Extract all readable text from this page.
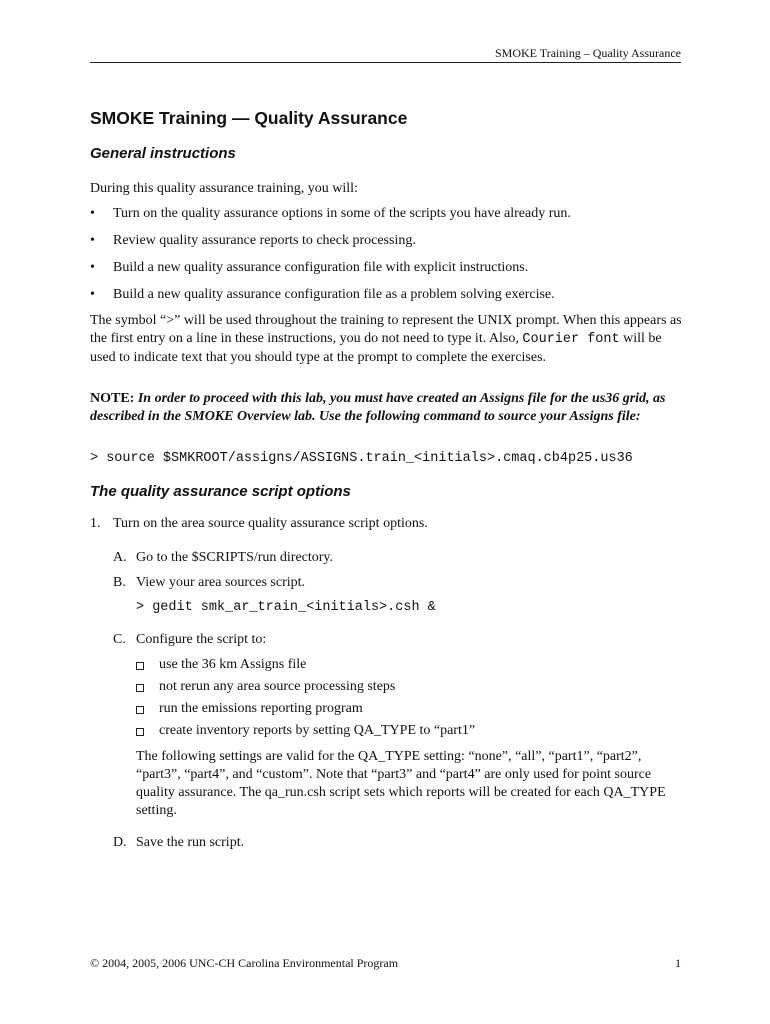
SMOKE Training – Quality Assurance
SMOKE Training — Quality Assurance
General instructions

During this quality assurance training, you will:

• Turn on the quality assurance options in some of the scripts you have already run.
• Review quality assurance reports to check processing.
• Build a new quality assurance configuration file with explicit instructions.
• Build a new quality assurance configuration file as a problem solving exercise.

The symbol “>” will be used throughout the training to represent the UNIX prompt. When this appears as the first entry on a line in these instructions, you do not need to type it. Also, Courier font will be used to indicate text that you should type at the prompt to complete the exercises.

NOTE: In order to proceed with this lab, you must have created an Assigns file for the us36 grid, as described in the SMOKE Overview lab. Use the following command to source your Assigns file:

> source $SMKROOT/assigns/ASSIGNS.train_<initials>.cmaq.cb4p25.us36
The quality assurance script options
1. Turn on the area source quality assurance script options.
A. Go to the $SCRIPTS/run directory.
B. View your area sources script.
> gedit smk_ar_train_<initials>.csh &
C. Configure the script to:
use the 36 km Assigns file
not rerun any area source processing steps
run the emissions reporting program
create inventory reports by setting QA_TYPE to “part1”

The following settings are valid for the QA_TYPE setting: “none”, “all”, “part1”, “part2”, “part3”, “part4”, and “custom”. Note that “part3” and “part4” are only used for point source quality assurance. The qa_run.csh script sets which reports will be created for each QA_TYPE setting.

D. Save the run script.
© 2004, 2005, 2006 UNC-CH Carolina Environmental Program	1
